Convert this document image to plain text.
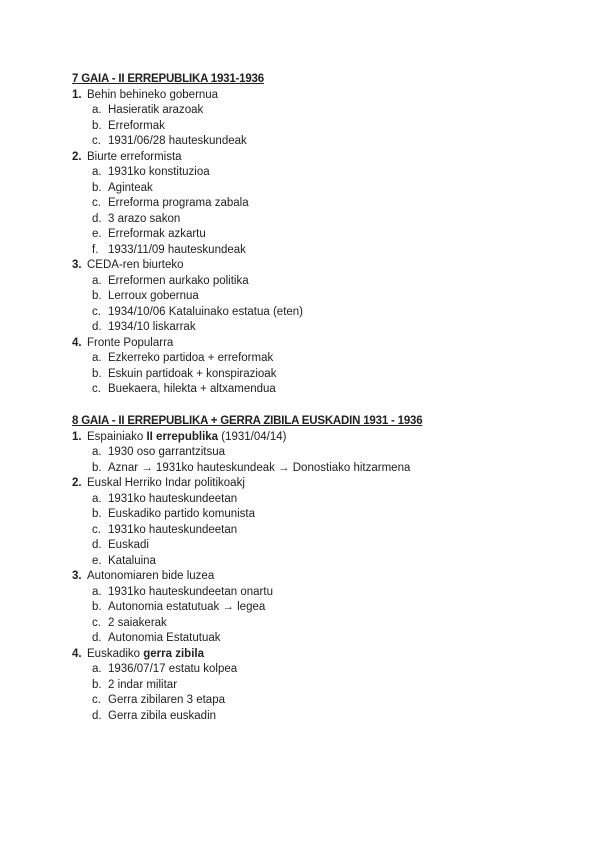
7 GAIA - II ERREPUBLIKA 1931-1936
1. Behin behineko gobernua
a. Hasieratik arazoak
b. Erreformak
c. 1931/06/28 hauteskundeak
2. Biurte erreformista
a. 1931ko konstituzioa
b. Aginteak
c. Erreforma programa zabala
d. 3 arazo sakon
e. Erreformak azkartu
f. 1933/11/09 hauteskundeak
3. CEDA-ren biurteko
a. Erreformen aurkako politika
b. Lerroux gobernua
c. 1934/10/06 Kataluinako estatua (eten)
d. 1934/10 liskarrak
4. Fronte Popularra
a. Ezkerreko partidoa + erreformak
b. Eskuin partidoak + konspirazioak
c. Buekaera, hilekta + altxamendua
8 GAIA - II ERREPUBLIKA + GERRA ZIBILA EUSKADIN 1931 - 1936
1. Espainiako II errepublika (1931/04/14)
a. 1930 oso garrantzitsua
b. Aznar → 1931ko hauteskundeak → Donostiako hitzarmena
2. Euskal Herriko Indar politikoakj
a. 1931ko hauteskundeetan
b. Euskadiko partido komunista
c. 1931ko hauteskundeetan
d. Euskadi
e. Kataluina
3. Autonomiaren bide luzea
a. 1931ko hauteskundeetan onartu
b. Autonomia estatutuak → legea
c. 2 saiakerak
d. Autonomia Estatutuak
4. Euskadiko gerra zibila
a. 1936/07/17 estatu kolpea
b. 2 indar militar
c. Gerra zibilaren 3 etapa
d. Gerra zibila euskadin
